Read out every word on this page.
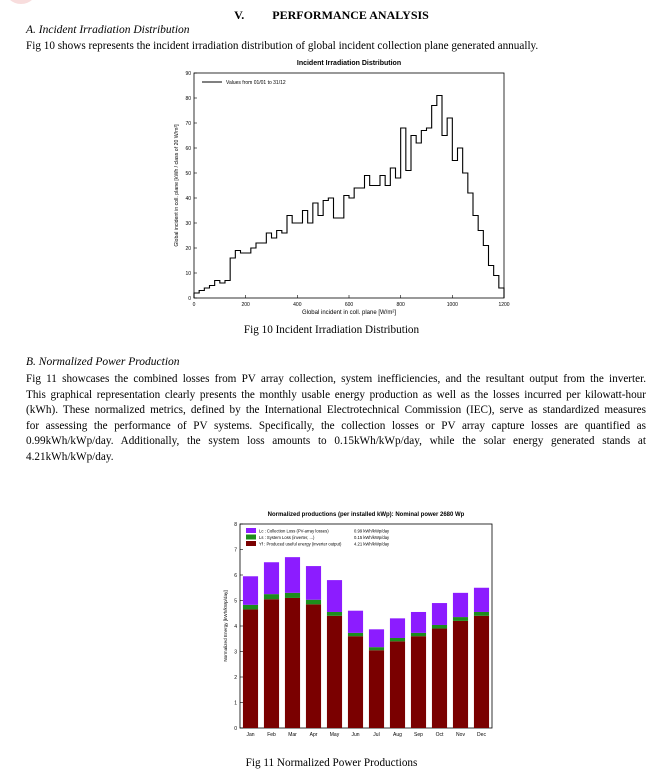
V. PERFORMANCE ANALYSIS
A. Incident Irradiation Distribution
Fig 10 shows represents the incident irradiation distribution of global incident collection plane generated annually.
Incident Irradiation Distribution
0	200	400	600	800	1000	1200
0
10
20
30
40
50
60
70
80
90
Global incident in coll. plane [W/m²]
Global incident in coll. plane [kWh / class of 20 W/m²]
Values from 01/01 to 31/12
Fig 10 Incident Irradiation Distribution
B. Normalized Power Production
Fig 11 showcases the combined losses from PV array collection, system inefficiencies, and the resultant output from the inverter.
This graphical representation clearly presents the monthly usable energy production as well as the losses incurred per kilowatt-hour
(kWh). These normalized metrics, defined by the International Electrotechnical Commission (IEC), serve as standardized measures
for assessing the performance of PV systems. Specifically, the collection losses or PV array capture losses are quantified as
0.99kWh/kWp/day. Additionally, the system loss amounts to 0.15kWh/kWp/day, while the solar energy generated stands at
4.21kWh/kWp/day.
Normalized productions (per installed kWp): Nominal power 2680 Wp
0
1
2
3
4
5
6
7
8
Normalized Energy [kWh/kWp/day]
Jan	Feb Mar	Apr May Jun	Jul	Aug Sep	Oct	Nov Dec
Lc : Collection Loss (PV-array losses)	0.99 kWh/kWp/day
Ls : System Loss (inverter, ...)	0.15 kWh/kWp/day
Yf : Produced useful energy (inverter output)	4.21 kWh/kWp/day
Fig 11 Normalized Power Productions
